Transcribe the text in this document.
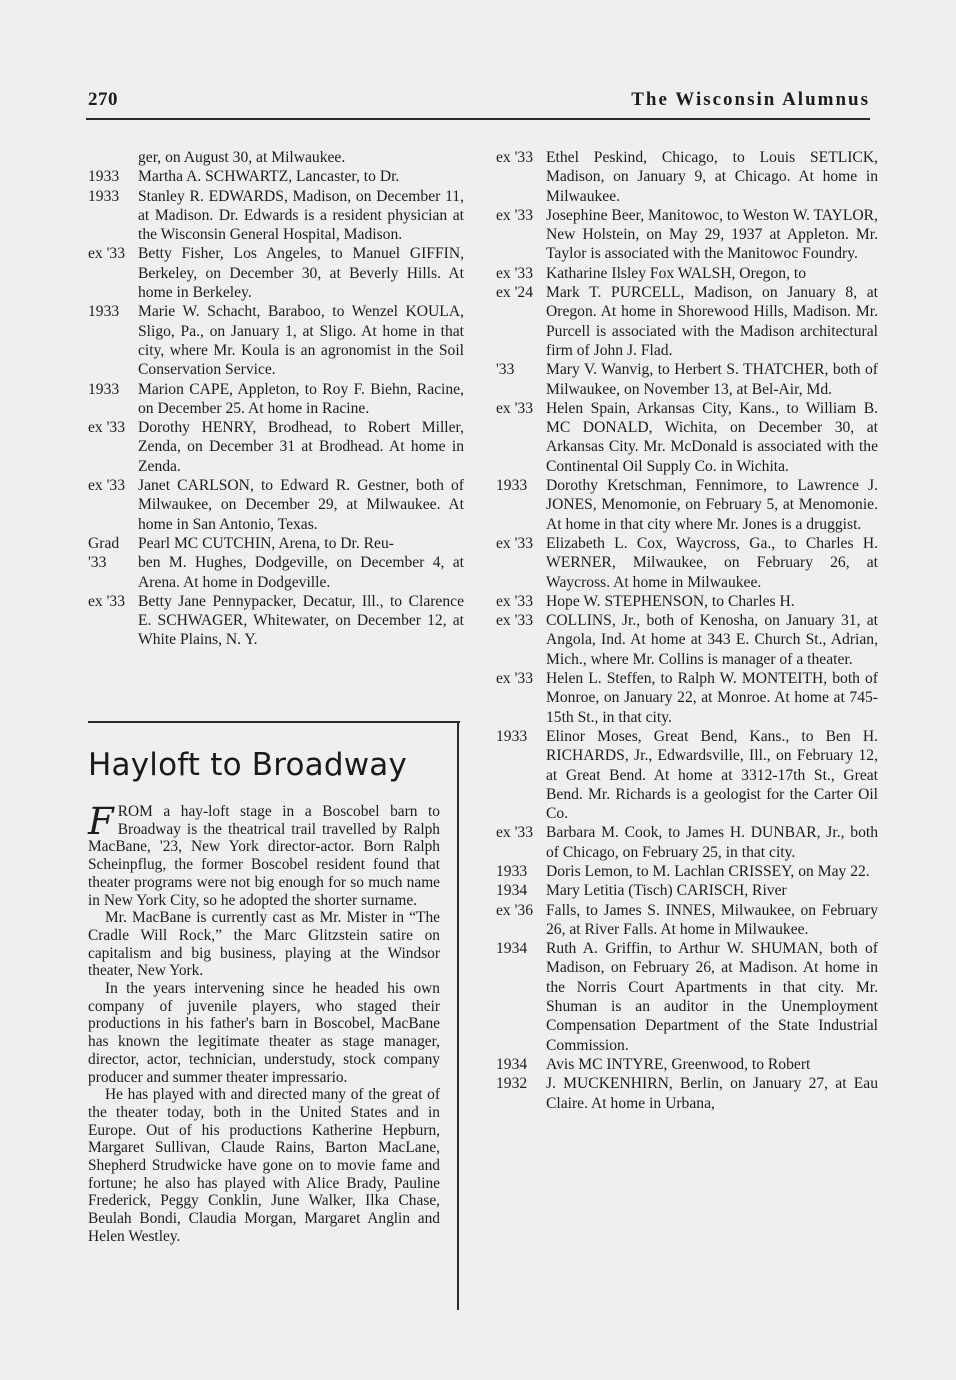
270	The Wisconsin Alumnus
ger, on August 30, at Milwaukee.
1933	Martha A. SCHWARTZ, Lancaster, to Dr.
1933	Stanley R. EDWARDS, Madison, on December 11, at Madison. Dr. Edwards is a resident physician at the Wisconsin General Hospital, Madison.
ex '33 Betty Fisher, Los Angeles, to Manuel GIFFIN, Berkeley, on December 30, at Beverly Hills. At home in Berkeley.
1933	Marie W. Schacht, Baraboo, to Wenzel KOULA, Sligo, Pa., on January 1, at Sligo. At home in that city, where Mr. Koula is an agronomist in the Soil Conservation Service.
1933	Marion CAPE, Appleton, to Roy F. Biehn, Racine, on December 25. At home in Racine.
ex '33 Dorothy HENRY, Brodhead, to Robert Miller, Zenda, on December 31 at Brodhead. At home in Zenda.
ex '33 Janet CARLSON, to Edward R. Gestner, both of Milwaukee, on December 29, at Milwaukee. At home in San Antonio, Texas.
Grad	Pearl MC CUTCHIN, Arena, to Dr. Reu-
'33	ben M. Hughes, Dodgeville, on December 4, at Arena. At home in Dodgeville.
ex '33 Betty Jane Pennypacker, Decatur, Ill., to Clarence E. SCHWAGER, Whitewater, on December 12, at White Plains, N. Y.
Hayloft to Broadway

FROM a hay-loft stage in a Boscobel barn to Broadway is the theatrical trail travelled by Ralph MacBane, '23, New York director-actor. Born Ralph Scheinpflug, the former Boscobel resident found that theater programs were not big enough for so much name in New York City, so he adopted the shorter surname.

Mr. MacBane is currently cast as Mr. Mister in “The Cradle Will Rock,” the Marc Glitzstein satire on capitalism and big business, playing at the Windsor theater, New York.

In the years intervening since he headed his own company of juvenile players, who staged their productions in his father's barn in Boscobel, MacBane has known the legitimate theater as stage manager, director, actor, technician, understudy, stock company producer and summer theater impressario.

He has played with and directed many of the great of the theater today, both in the United States and in Europe. Out of his productions Katherine Hepburn, Margaret Sullivan, Claude Rains, Barton MacLane, Shepherd Strudwicke have gone on to movie fame and fortune; he also has played with Alice Brady, Pauline Frederick, Peggy Conklin, June Walker, Ilka Chase, Beulah Bondi, Claudia Morgan, Margaret Anglin and Helen Westley.

ex '33 Ethel Peskind, Chicago, to Louis SETLICK, Madison, on January 9, at Chicago. At home in Milwaukee.
ex '33 Josephine Beer, Manitowoc, to Weston W. TAYLOR, New Holstein, on May 29, 1937 at Appleton. Mr. Taylor is associated with the Manitowoc Foundry.
ex '33 Katharine Ilsley Fox WALSH, Oregon, to
ex '24 Mark T. PURCELL, Madison, on January 8, at Oregon. At home in Shorewood Hills, Madison. Mr. Purcell is associated with the Madison architectural firm of John J. Flad.
'33	Mary V. Wanvig, to Herbert S. THATCHER, both of Milwaukee, on November 13, at Bel-Air, Md.
ex '33 Helen Spain, Arkansas City, Kans., to William B. MC DONALD, Wichita, on December 30, at Arkansas City. Mr. McDonald is associated with the Continental Oil Supply Co. in Wichita.
1933	Dorothy Kretschman, Fennimore, to Lawrence J. JONES, Menomonie, on February 5, at Menomonie. At home in that city where Mr. Jones is a druggist.
ex '33 Elizabeth L. Cox, Waycross, Ga., to Charles H. WERNER, Milwaukee, on February 26, at Waycross. At home in Milwaukee.
ex '33 Hope W. STEPHENSON, to Charles H.
ex '33 COLLINS, Jr., both of Kenosha, on January 31, at Angola, Ind. At home at 343 E. Church St., Adrian, Mich., where Mr. Collins is manager of a theater.
ex '33 Helen L. Steffen, to Ralph W. MONTEITH, both of Monroe, on January 22, at Monroe. At home at 745-15th St., in that city.
1933	Elinor Moses, Great Bend, Kans., to Ben H. RICHARDS, Jr., Edwardsville, Ill., on February 12, at Great Bend. At home at 3312-17th St., Great Bend. Mr. Richards is a geologist for the Carter Oil Co.
ex '33 Barbara M. Cook, to James H. DUNBAR, Jr., both of Chicago, on February 25, in that city.
1933	Doris Lemon, to M. Lachlan CRISSEY, on May 22.
1934	Mary Letitia (Tisch) CARISCH, River
ex '36 Falls, to James S. INNES, Milwaukee, on February 26, at River Falls. At home in Milwaukee.
1934	Ruth A. Griffin, to Arthur W. SHUMAN, both of Madison, on February 26, at Madison. At home in the Norris Court Apartments in that city. Mr. Shuman is an auditor in the Unemployment Compensation Department of the State Industrial Commission.
1934	Avis MC INTYRE, Greenwood, to Robert
1932	J. MUCKENHIRN, Berlin, on January 27, at Eau Claire. At home in Urbana,
